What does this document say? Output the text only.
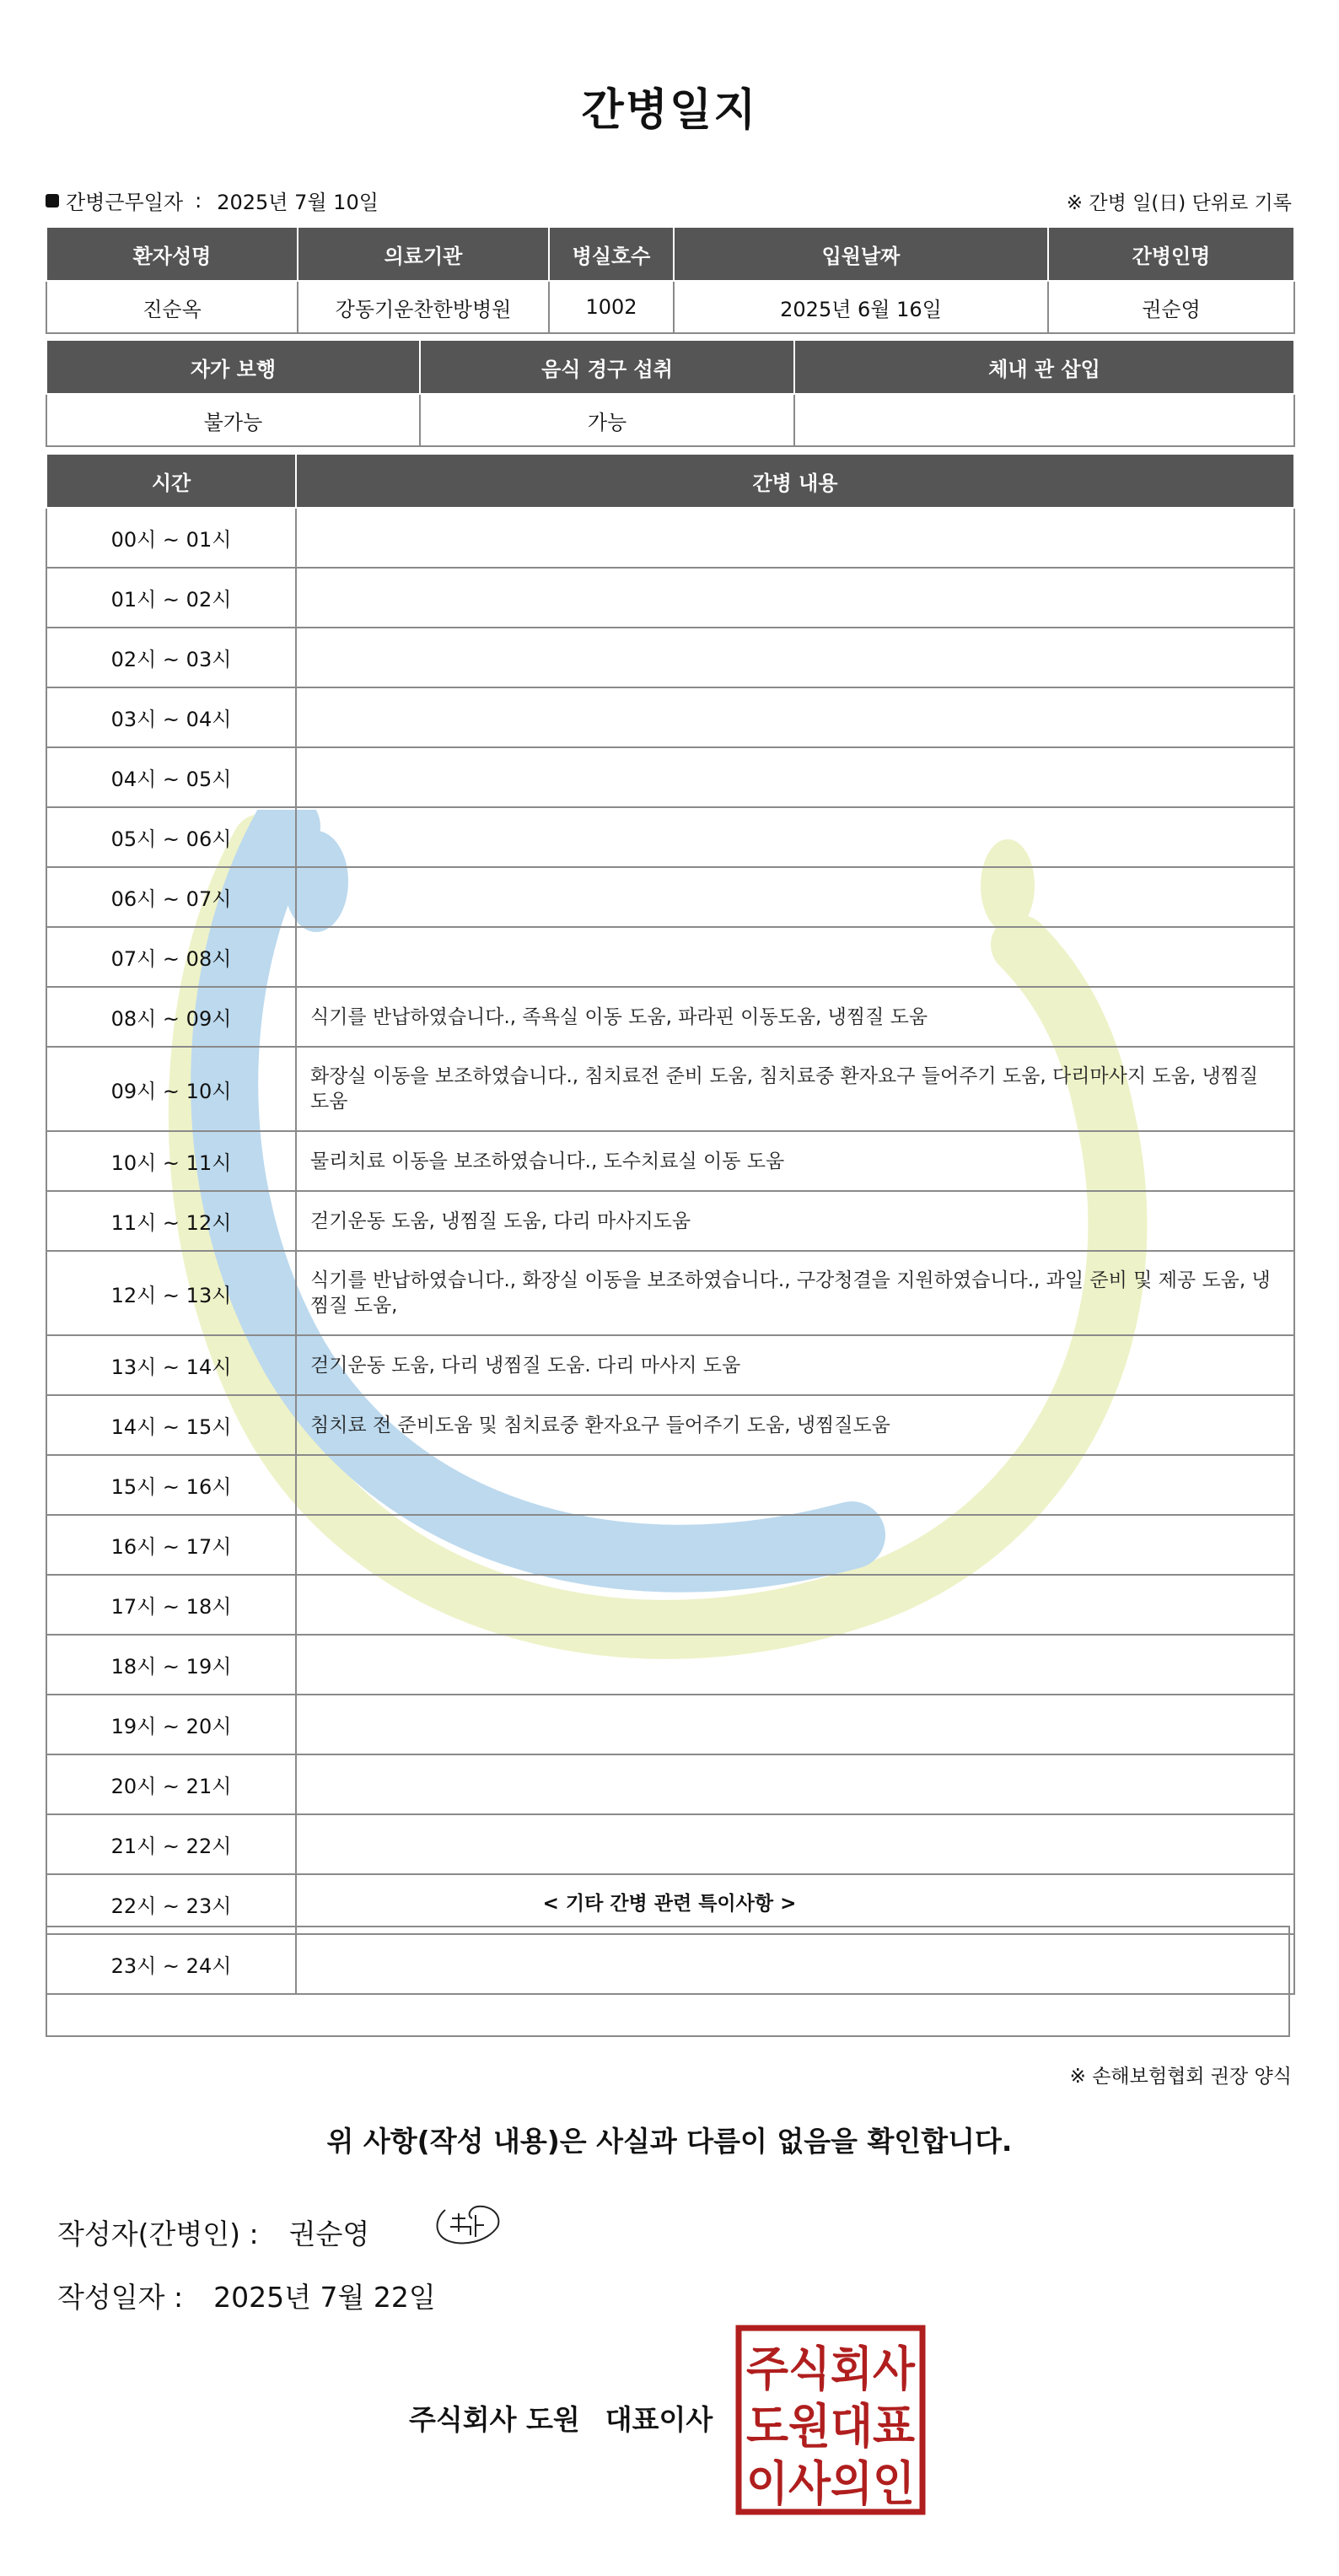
간병일지
간병근무일자 : 2025년 7월 10일	※ 간병 일(日) 단위로 기록
환자성명	의료기관	병실호수	입원날짜	간병인명
진순옥	강동기운찬한방병원	1002	2025년 6월 16일	권순영
자가 보행	음식 경구 섭취	체내 관 삽입
불가능	가능	
시간	간병 내용
00시 ~ 01시	
01시 ~ 02시	
02시 ~ 03시	
03시 ~ 04시	
04시 ~ 05시	
05시 ~ 06시	
06시 ~ 07시	
07시 ~ 08시	
08시 ~ 09시	식기를 반납하였습니다., 족욕실 이동 도움, 파라핀 이동도움, 냉찜질 도움
09시 ~ 10시	화장실 이동을 보조하였습니다., 침치료전 준비 도움, 침치료중 환자요구 들어주기 도움, 다리마사지 도움, 냉찜질 도움
10시 ~ 11시	물리치료 이동을 보조하였습니다., 도수치료실 이동 도움
11시 ~ 12시	걷기운동 도움, 냉찜질 도움, 다리 마사지도움
12시 ~ 13시	식기를 반납하였습니다., 화장실 이동을 보조하였습니다., 구강청결을 지원하였습니다., 과일 준비 및 제공 도움, 냉찜질 도움,
13시 ~ 14시	걷기운동 도움, 다리 냉찜질 도움. 다리 마사지 도움
14시 ~ 15시	침치료 전 준비도움 및 침치료중 환자요구 들어주기 도움, 냉찜질도움
15시 ~ 16시	
16시 ~ 17시	
17시 ~ 18시	
18시 ~ 19시	
19시 ~ 20시	
20시 ~ 21시	
21시 ~ 22시	
22시 ~ 23시	
23시 ~ 24시	
< 기타 간병 관련 특이사항 >
※ 손해보험협회 권장 양식
위 사항(작성 내용)은 사실과 다름이 없음을 확인합니다.
작성자(간병인) : 권순영
작성일자 : 2025년 7월 22일
주식회사 도원 대표이사
주식회사
도원대표
이사의인
